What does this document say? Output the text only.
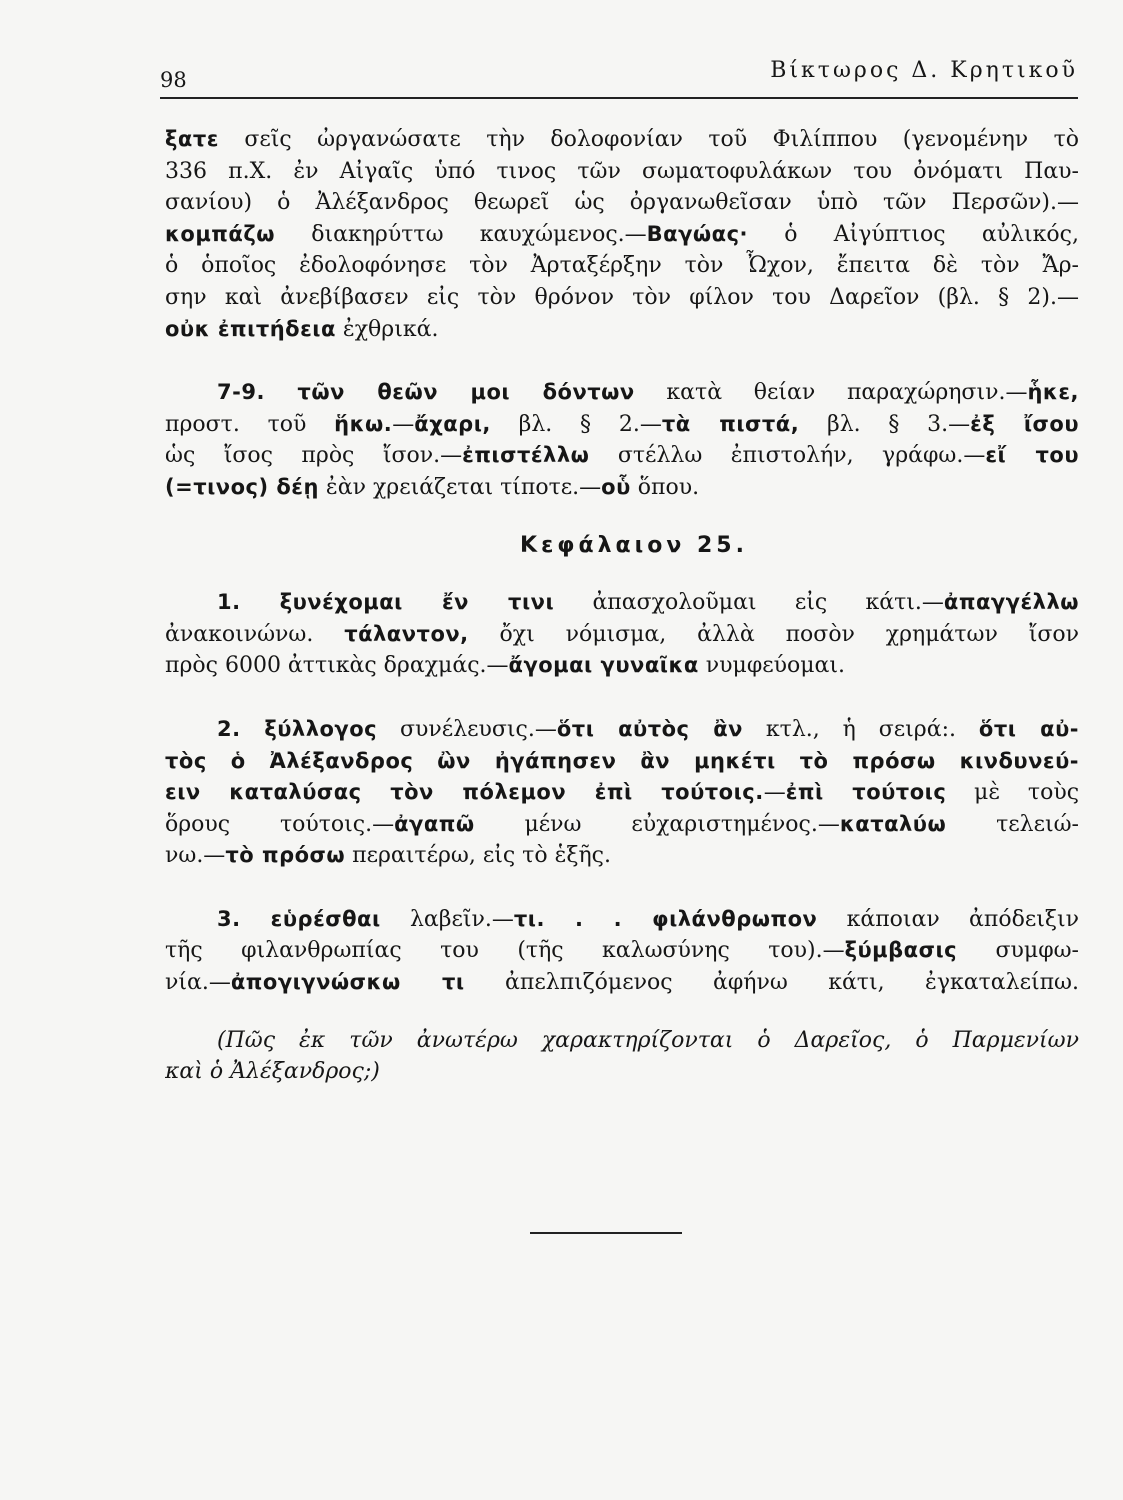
98	Βίκτωρος Δ. Κρητικοῦ
ξατε σεῖς ὠργανώσατε τὴν δολοφονίαν τοῦ Φιλίππου (γενομένην τὸ
336 π.Χ. ἐν Αἰγαῖς ὑπό τινος τῶν σωματοφυλάκων του ὀνόματι Παυ-
σανίου) ὁ Ἀλέξανδρος θεωρεῖ ὡς ὀργανωθεῖσαν ὑπὸ τῶν Περσῶν).—
κομπάζω διακηρύττω καυχώμενος.—Βαγώας· ὁ Αἰγύπτιος αὐλικός,
ὁ ὁποῖος ἐδολοφόνησε τὸν Ἀρταξέρξην τὸν Ὦχον, ἔπειτα δὲ τὸν Ἄρ-
σην καὶ ἀνεβίβασεν εἰς τὸν θρόνον τὸν φίλον του Δαρεῖον (βλ. § 2).—
οὐκ ἐπιτήδεια ἐχθρικά.
7-9. τῶν θεῶν μοι δόντων κατὰ θείαν παραχώρησιν.—ἧκε,
προστ. τοῦ ἥκω.—ἄχαρι, βλ. § 2.—τὰ πιστά, βλ. § 3.—ἐξ ἴσου
ὡς ἴσος πρὸς ἴσον.—ἐπιστέλλω στέλλω ἐπιστολήν, γράφω.—εἴ του
(=τινος) δέῃ ἐὰν χρειάζεται τίποτε.—οὗ ὅπου.
Κεφάλαιον 25.
1. ξυνέχομαι ἔν τινι ἀπασχολοῦμαι εἰς κάτι.—ἀπαγγέλλω
ἀνακοινώνω. τάλαντον, ὄχι νόμισμα, ἀλλὰ ποσὸν χρημάτων ἴσον
πρὸς 6000 ἀττικὰς δραχμάς.—ἄγομαι γυναῖκα νυμφεύομαι.
2. ξύλλογος συνέλευσις.—ὅτι αὐτὸς ἂν κτλ., ἡ σειρά:. ὅτι αὐ-
τὸς ὁ Ἀλέξανδρος ὢν ἠγάπησεν ἂν μηκέτι τὸ πρόσω κινδυνεύ-
ειν καταλύσας τὸν πόλεμον ἐπὶ τούτοις.—ἐπὶ τούτοις μὲ τοὺς
ὅρους τούτοις.—ἀγαπῶ μένω εὐχαριστημένος.—καταλύω τελειώ-
νω.—τὸ πρόσω περαιτέρω, εἰς τὸ ἑξῆς.
3. εὑρέσθαι λαβεῖν.—τι. . . φιλάνθρωπον κάποιαν ἀπόδειξιν
τῆς φιλανθρωπίας του (τῆς καλωσύνης του).—ξύμβασις συμφω-
νία.—ἀπογιγνώσκω τι ἀπελπιζόμενος ἀφήνω κάτι, ἐγκαταλείπω.
(Πῶς ἐκ τῶν ἀνωτέρω χαρακτηρίζονται ὁ Δαρεῖος, ὁ Παρμενίων
καὶ ὁ Ἀλέξανδρος;)
